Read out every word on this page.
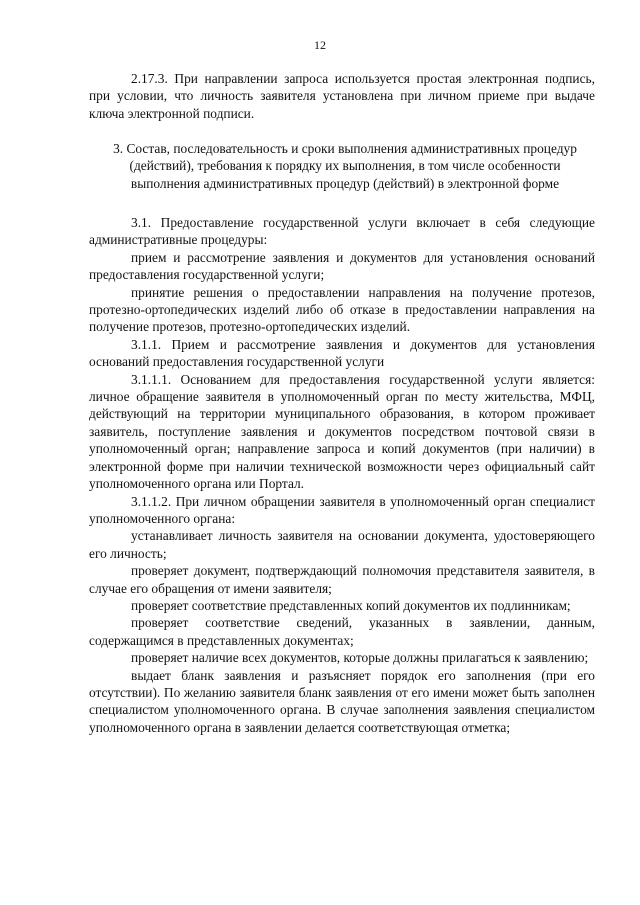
12

2.17.3. При направлении запроса используется простая электронная подпись, при условии, что личность заявителя установлена при личном приеме при выдаче ключа электронной подписи.

3. Состав, последовательность и сроки выполнения административных процедур (действий), требования к порядку их выполнения, в том числе особенности выполнения административных процедур (действий) в электронной форме

3.1. Предоставление государственной услуги включает в себя следующие административные процедуры:

прием и рассмотрение заявления и документов для установления оснований предоставления государственной услуги;

принятие решения о предоставлении направления на получение протезов, протезно-ортопедических изделий либо об отказе в предоставлении направления на получение протезов, протезно-ортопедических изделий.

3.1.1. Прием и рассмотрение заявления и документов для установления оснований предоставления государственной услуги

3.1.1.1. Основанием для предоставления государственной услуги является: личное обращение заявителя в уполномоченный орган по месту жительства, МФЦ, действующий на территории муниципального образования, в котором проживает заявитель, поступление заявления и документов посредством почтовой связи в уполномоченный орган; направление запроса и копий документов (при наличии) в электронной форме при наличии технической возможности через официальный сайт уполномоченного органа или Портал.

3.1.1.2. При личном обращении заявителя в уполномоченный орган специалист уполномоченного органа:

устанавливает личность заявителя на основании документа, удостоверяющего его личность;

проверяет документ, подтверждающий полномочия представителя заявителя, в случае его обращения от имени заявителя;

проверяет соответствие представленных копий документов их подлинникам;

проверяет соответствие сведений, указанных в заявлении, данным, содержащимся в представленных документах;

проверяет наличие всех документов, которые должны прилагаться к заявлению;

выдает бланк заявления и разъясняет порядок его заполнения (при его отсутствии). По желанию заявителя бланк заявления от его имени может быть заполнен специалистом уполномоченного органа. В случае заполнения заявления специалистом уполномоченного органа в заявлении делается соответствующая отметка;
